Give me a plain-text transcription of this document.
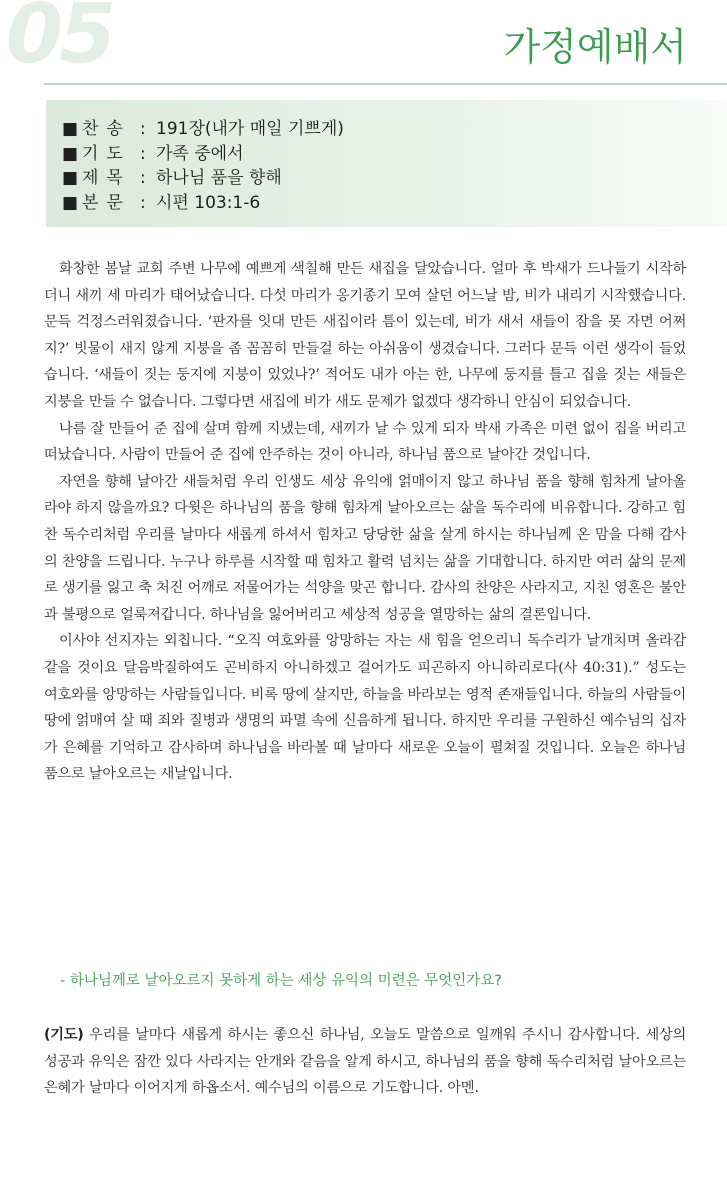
05	가정예배서
■ 찬송 : 191장(내가 매일 기쁘게)
■ 기도 : 가족 중에서
■ 제목 : 하나님 품을 향해
■ 본문 : 시편 103:1-6

화창한 봄날 교회 주변 나무에 예쁘게 색칠해 만든 새집을 달았습니다. 얼마 후 박새가 드나들기 시작하더니 새끼 세 마리가 태어났습니다. 다섯 마리가 옹기종기 모여 살던 어느날 밤, 비가 내리기 시작했습니다. 문득 걱정스러워졌습니다. ‘판자를 잇대 만든 새집이라 틈이 있는데, 비가 새서 새들이 잠을 못 자면 어쩌지?’ 빗물이 새지 않게 지붕을 좀 꼼꼼히 만들걸 하는 아쉬움이 생겼습니다. 그러다 문득 이런 생각이 들었습니다. ‘새들이 짓는 둥지에 지붕이 있었나?’ 적어도 내가 아는 한, 나무에 둥지를 틀고 집을 짓는 새들은 지붕을 만들 수 없습니다. 그렇다면 새집에 비가 새도 문제가 없겠다 생각하니 안심이 되었습니다.

나름 잘 만들어 준 집에 살며 함께 지냈는데, 새끼가 날 수 있게 되자 박새 가족은 미련 없이 집을 버리고 떠났습니다. 사람이 만들어 준 집에 안주하는 것이 아니라, 하나님 품으로 날아간 것입니다.

자연을 향해 날아간 새들처럼 우리 인생도 세상 유익에 얽매이지 않고 하나님 품을 향해 힘차게 날아올라야 하지 않을까요? 다윗은 하나님의 품을 향해 힘차게 날아오르는 삶을 독수리에 비유합니다. 강하고 힘찬 독수리처럼 우리를 날마다 새롭게 하셔서 힘차고 당당한 삶을 살게 하시는 하나님께 온 맘을 다해 감사의 찬양을 드립니다. 누구나 하루를 시작할 때 힘차고 활력 넘치는 삶을 기대합니다. 하지만 여러 삶의 문제로 생기를 잃고 축 처진 어깨로 저물어가는 석양을 맞곤 합니다. 감사의 찬양은 사라지고, 지친 영혼은 불안과 불평으로 얼룩져갑니다. 하나님을 잃어버리고 세상적 성공을 열망하는 삶의 결론입니다.

이사야 선지자는 외칩니다. “오직 여호와를 앙망하는 자는 새 힘을 얻으리니 독수리가 날개치며 올라감 같을 것이요 달음박질하여도 곤비하지 아니하겠고 걸어가도 피곤하지 아니하리로다(사 40:31).” 성도는 여호와를 앙망하는 사람들입니다. 비록 땅에 살지만, 하늘을 바라보는 영적 존재들입니다. 하늘의 사람들이 땅에 얽매여 살 때 죄와 질병과 생명의 파멸 속에 신음하게 됩니다. 하지만 우리를 구원하신 예수님의 십자가 은혜를 기억하고 감사하며 하나님을 바라볼 때 날마다 새로운 오늘이 펼쳐질 것입니다. 오늘은 하나님 품으로 날아오르는 새날입니다.

- 하나님께로 날아오르지 못하게 하는 세상 유익의 미련은 무엇인가요?
(기도) 우리를 날마다 새롭게 하시는 좋으신 하나님, 오늘도 말씀으로 일깨워 주시니 감사합니다. 세상의 성공과 유익은 잠깐 있다 사라지는 안개와 같음을 알게 하시고, 하나님의 품을 향해 독수리처럼 날아오르는 은혜가 날마다 이어지게 하옵소서. 예수님의 이름으로 기도합니다. 아멘.
